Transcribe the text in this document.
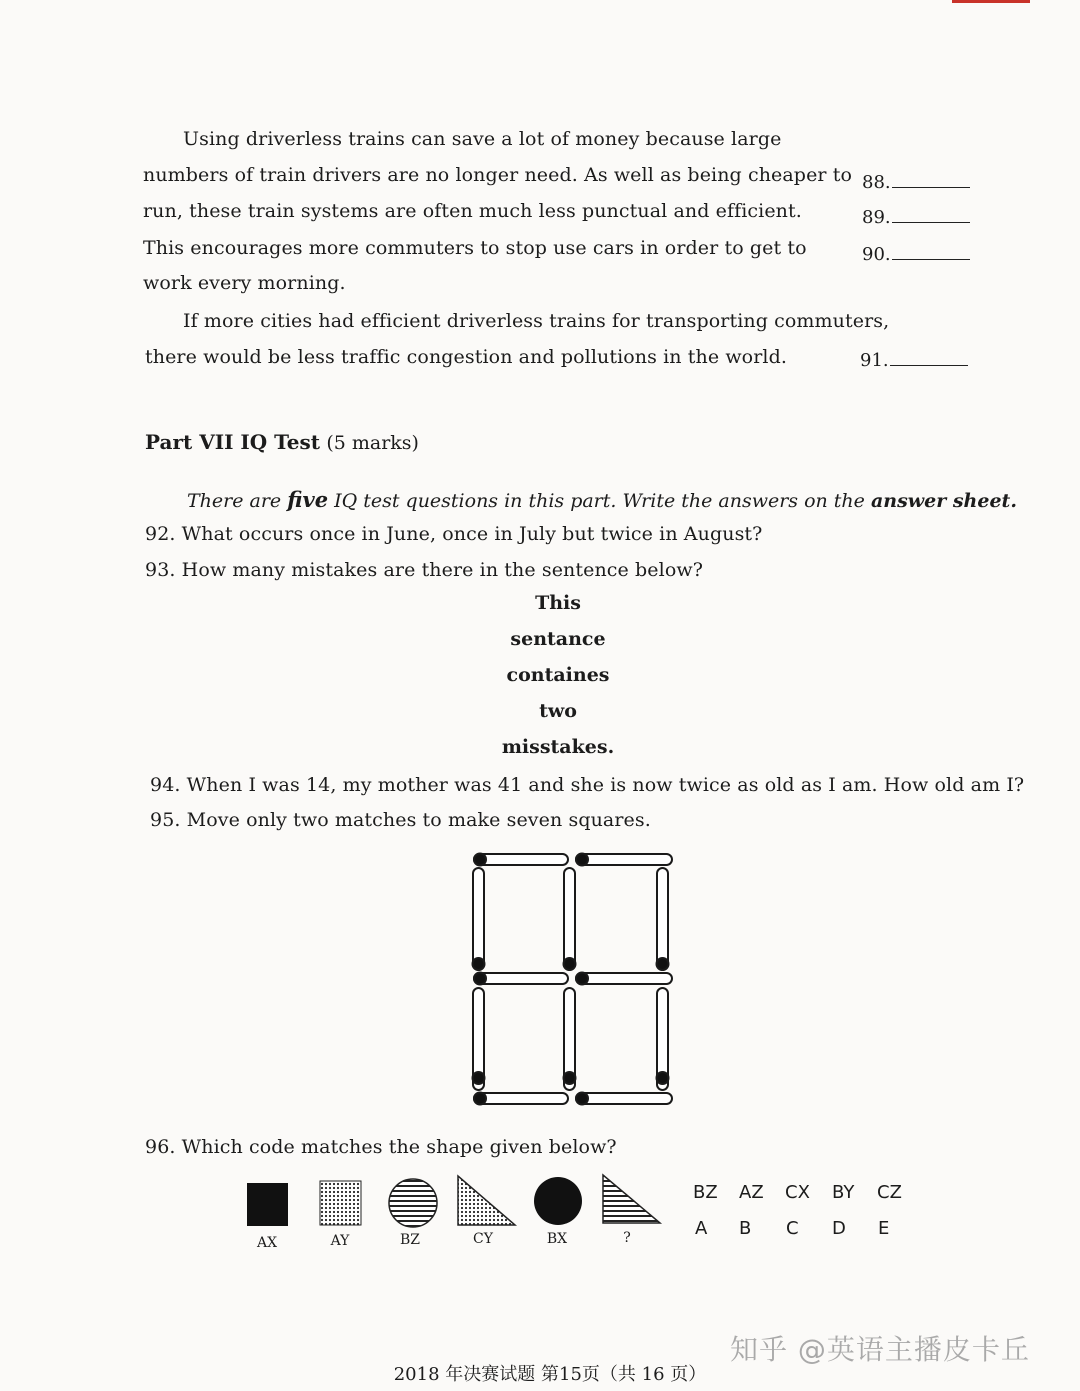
Using driverless trains can save a lot of money because large
numbers of train drivers are no longer need. As well as being cheaper to
run, these train systems are often much less punctual and efficient.
This encourages more commuters to stop use cars in order to get to
work every morning.
If more cities had efficient driverless trains for transporting commuters,
there would be less traffic congestion and pollutions in the world.
88.
89.
90.
91.
Part VII IQ Test (5 marks)
There are five IQ test questions in this part. Write the answers on the answer sheet.
92. What occurs once in June, once in July but twice in August?
93. How many mistakes are there in the sentence below?
This
sentance
containes
two
misstakes.
94. When I was 14, my mother was 41 and she is now twice as old as I am. How old am I?
95. Move only two matches to make seven squares.
96. Which code matches the shape given below?
AX	AY	BZ	CY	BX	?
BZ AZ CX BY CZ
A B C D E
知乎 @英语主播皮卡丘
2018 年决赛试题 第15页（共 16 页）
